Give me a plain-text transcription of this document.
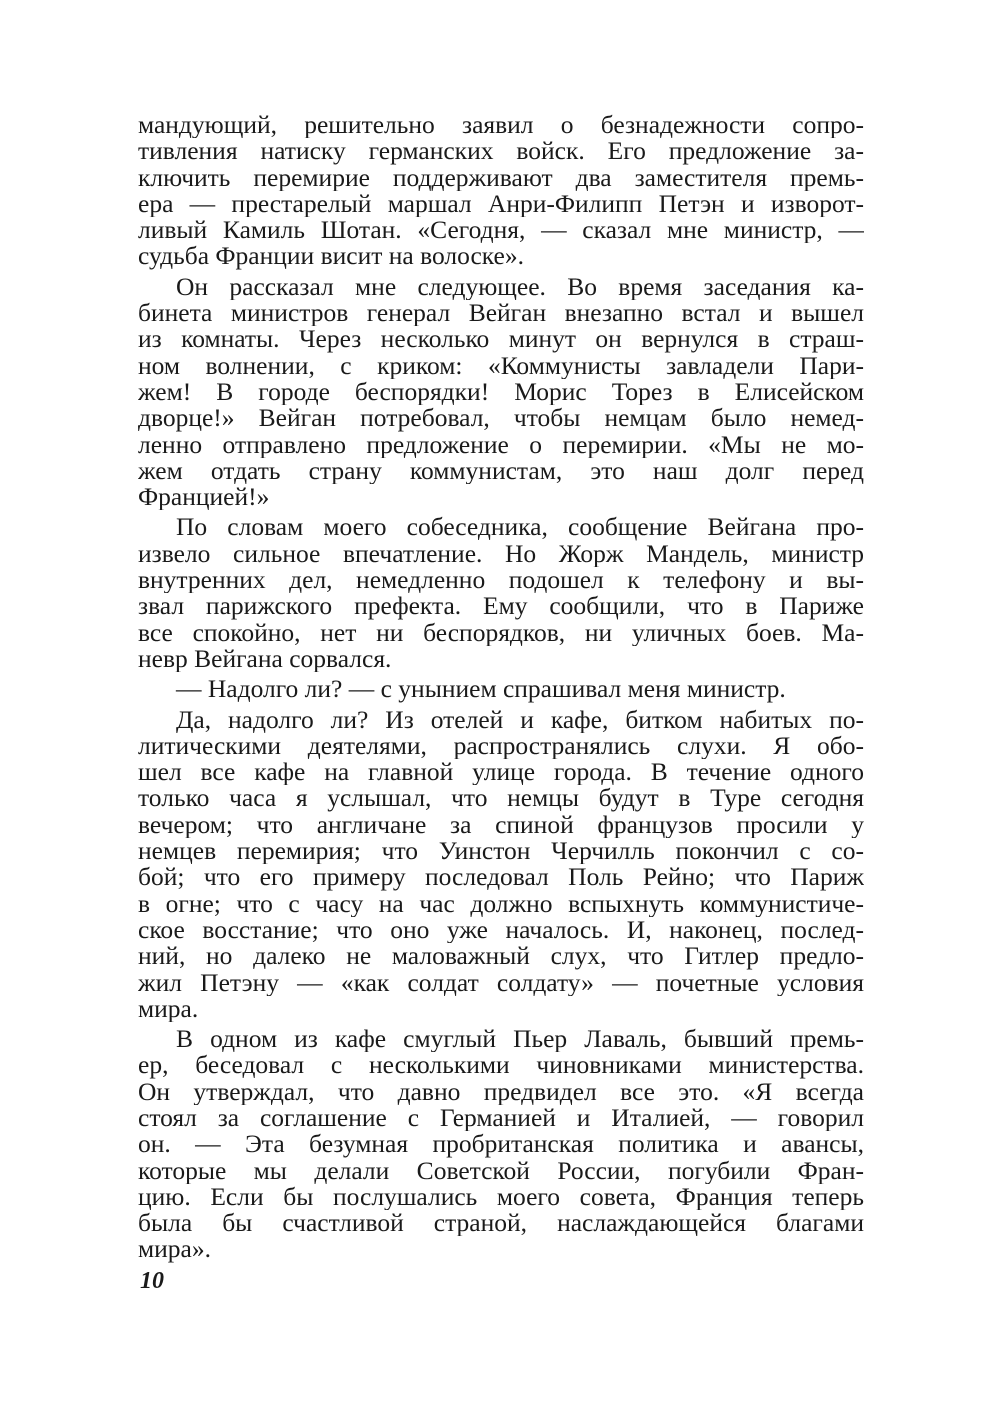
мандующий, решительно заявил о безнадежности сопро-
тивления натиску германских войск. Его предложение за-
ключить перемирие поддерживают два заместителя премь-
ера — престарелый маршал Анри-Филипп Петэн и изворот-
ливый Камиль Шотан. «Сегодня, — сказал мне министр, —
судьба Франции висит на волоске».
Он рассказал мне следующее. Во время заседания ка-
бинета министров генерал Вейган внезапно встал и вышел
из комнаты. Через несколько минут он вернулся в страш-
ном волнении, с криком: «Коммунисты завладели Пари-
жем! В городе беспорядки! Морис Торез в Елисейском
дворце!» Вейган потребовал, чтобы немцам было немед-
ленно отправлено предложение о перемирии. «Мы не мо-
жем отдать страну коммунистам, это наш долг перед
Францией!»
По словам моего собеседника, сообщение Вейгана про-
извело сильное впечатление. Но Жорж Мандель, министр
внутренних дел, немедленно подошел к телефону и вы-
звал парижского префекта. Ему сообщили, что в Париже
все спокойно, нет ни беспорядков, ни уличных боев. Ма-
невр Вейгана сорвался.
— Надолго ли? — с унынием спрашивал меня министр.
Да, надолго ли? Из отелей и кафе, битком набитых по-
литическими деятелями, распространялись слухи. Я обо-
шел все кафе на главной улице города. В течение одного
только часа я услышал, что немцы будут в Туре сегодня
вечером; что англичане за спиной французов просили у
немцев перемирия; что Уинстон Черчилль покончил с со-
бой; что его примеру последовал Поль Рейно; что Париж
в огне; что с часу на час должно вспыхнуть коммунистиче-
ское восстание; что оно уже началось. И, наконец, послед-
ний, но далеко не маловажный слух, что Гитлер предло-
жил Петэну — «как солдат солдату» — почетные условия
мира.
В одном из кафе смуглый Пьер Лаваль, бывший премь-
ер, беседовал с несколькими чиновниками министерства.
Он утверждал, что давно предвидел все это. «Я всегда
стоял за соглашение с Германией и Италией, — говорил
он. — Эта безумная пробританская политика и авансы,
которые мы делали Советской России, погубили Фран-
цию. Если бы послушались моего совета, Франция теперь
была бы счастливой страной, наслаждающейся благами
мира».
10
